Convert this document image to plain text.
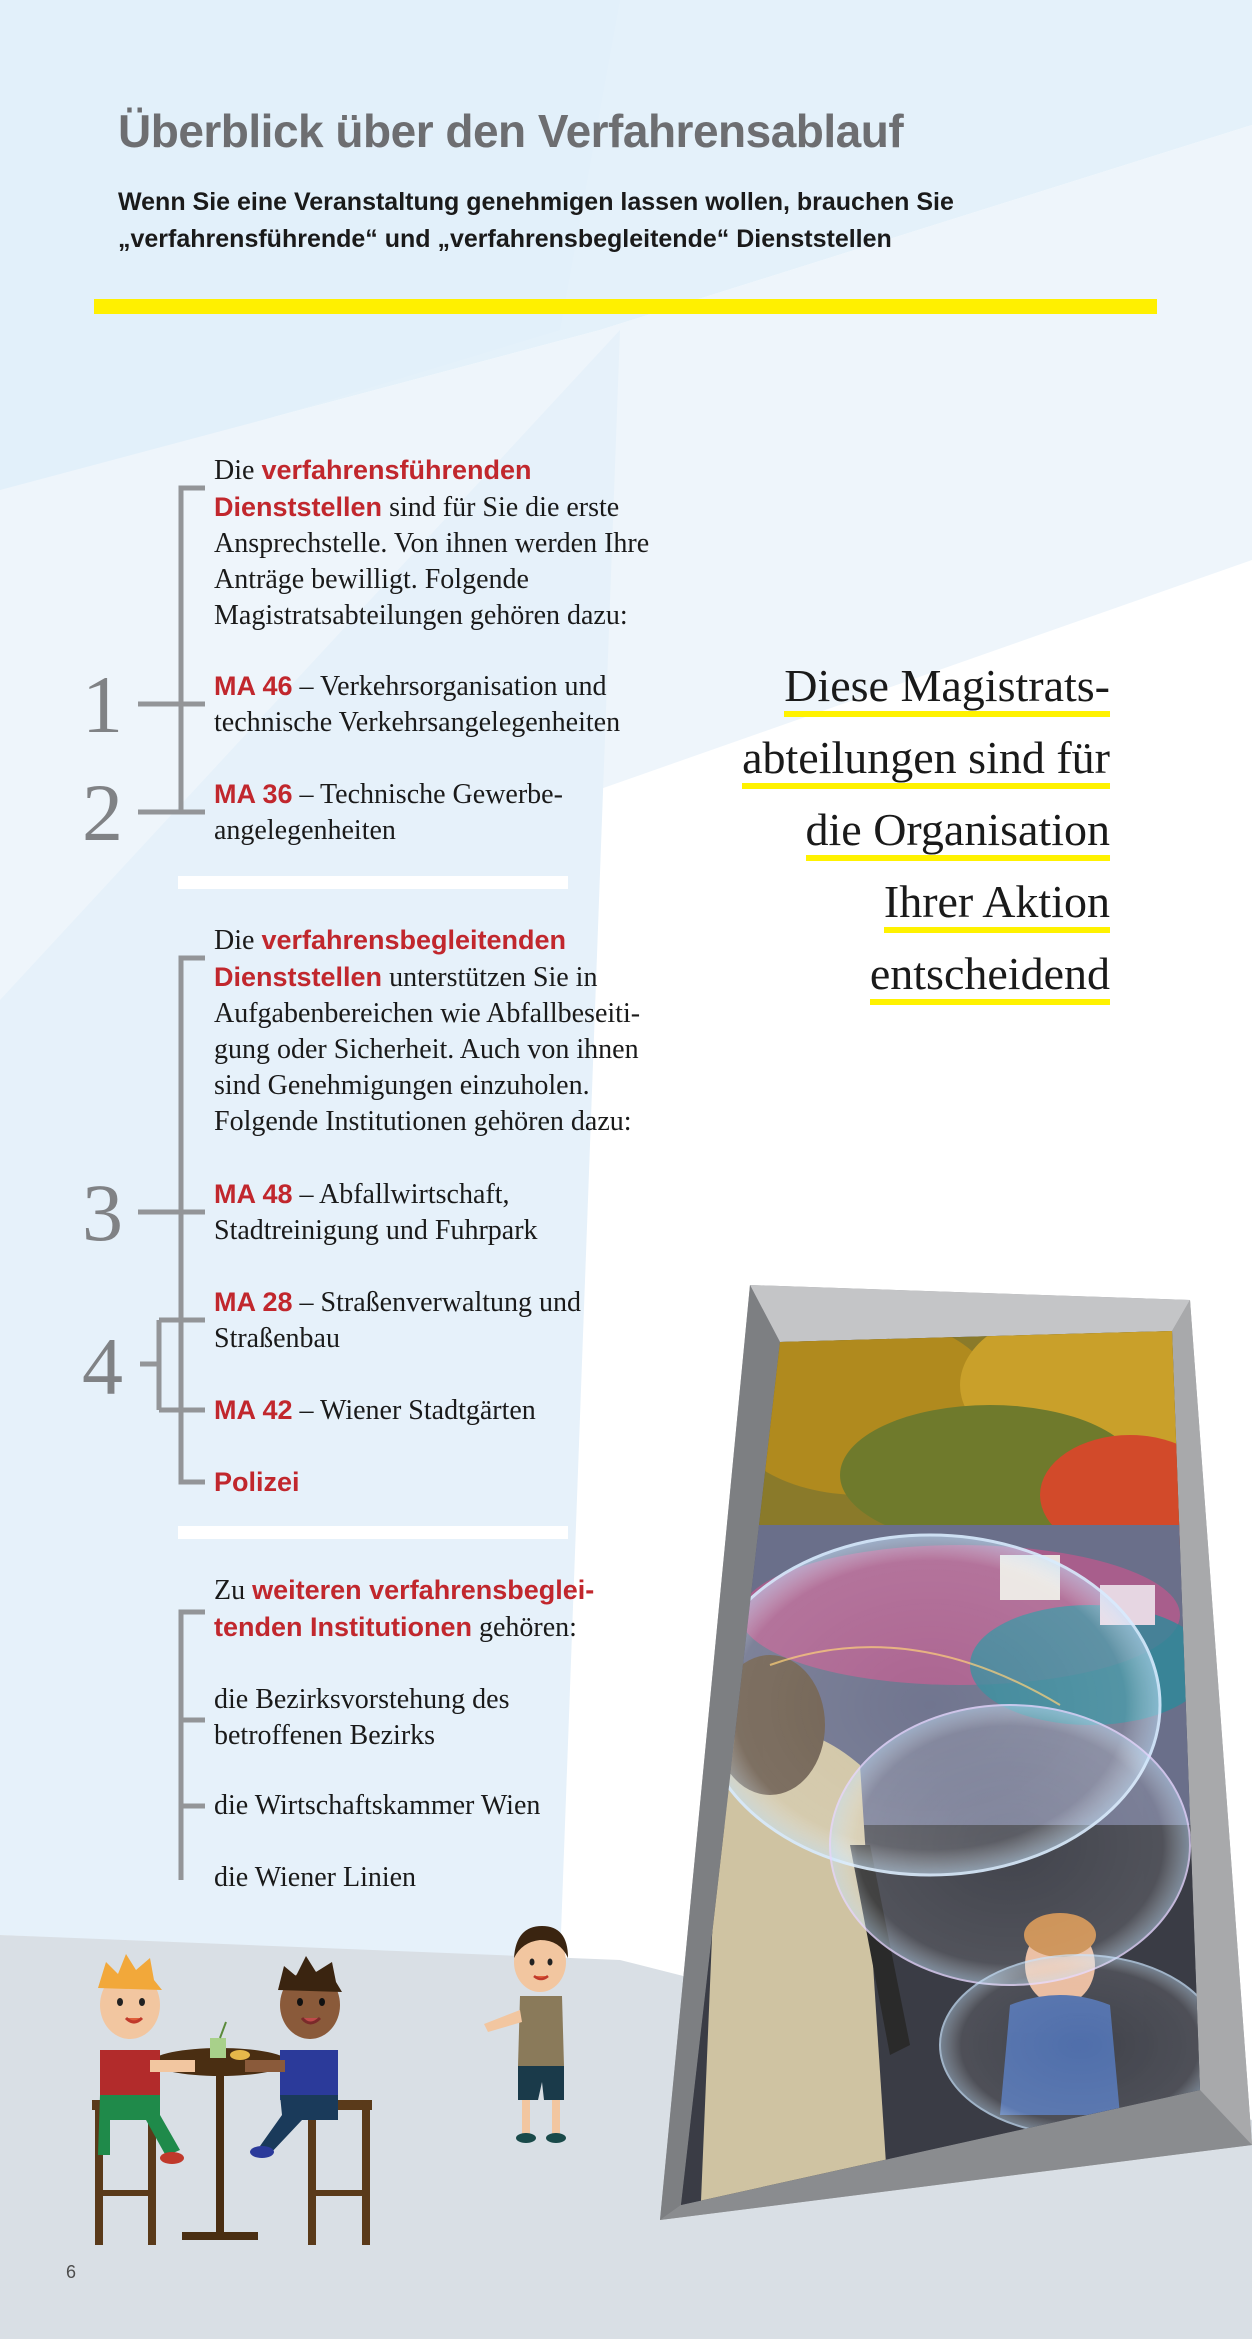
Überblick über den Verfahrensablauf
Wenn Sie eine Veranstaltung genehmigen lassen wollen, brauchen Sie
„verfahrensführende“ und „verfahrensbegleitende“ Dienststellen
1
2
3
4

Die verfahrensführenden Dienststellen sind für Sie die erste Ansprechstelle. Von ihnen werden Ihre Anträge bewilligt. Folgende Magistratsabteilungen gehören dazu:

MA 46 – Verkehrsorganisation und technische Verkehrsangelegenheiten

MA 36 – Technische Gewerbe-angelegenheiten

Die verfahrensbegleitenden Dienststellen unterstützen Sie in Aufgabenbereichen wie Abfallbeseiti-gung oder Sicherheit. Auch von ihnen sind Genehmigungen einzuholen. Folgende Institutionen gehören dazu:

MA 48 – Abfallwirtschaft, Stadtreinigung und Fuhrpark

MA 28 – Straßenverwaltung und Straßenbau

MA 42 – Wiener Stadtgärten

Polizei

Zu weiteren verfahrensbeglei-tenden Institutionen gehören:

die Bezirksvorstehung des betroffenen Bezirks
die Wirtschaftskammer Wien
die Wiener Linien
Diese Magistrats-
abteilungen sind für
die Organisation
Ihrer Aktion
entscheidend
6
